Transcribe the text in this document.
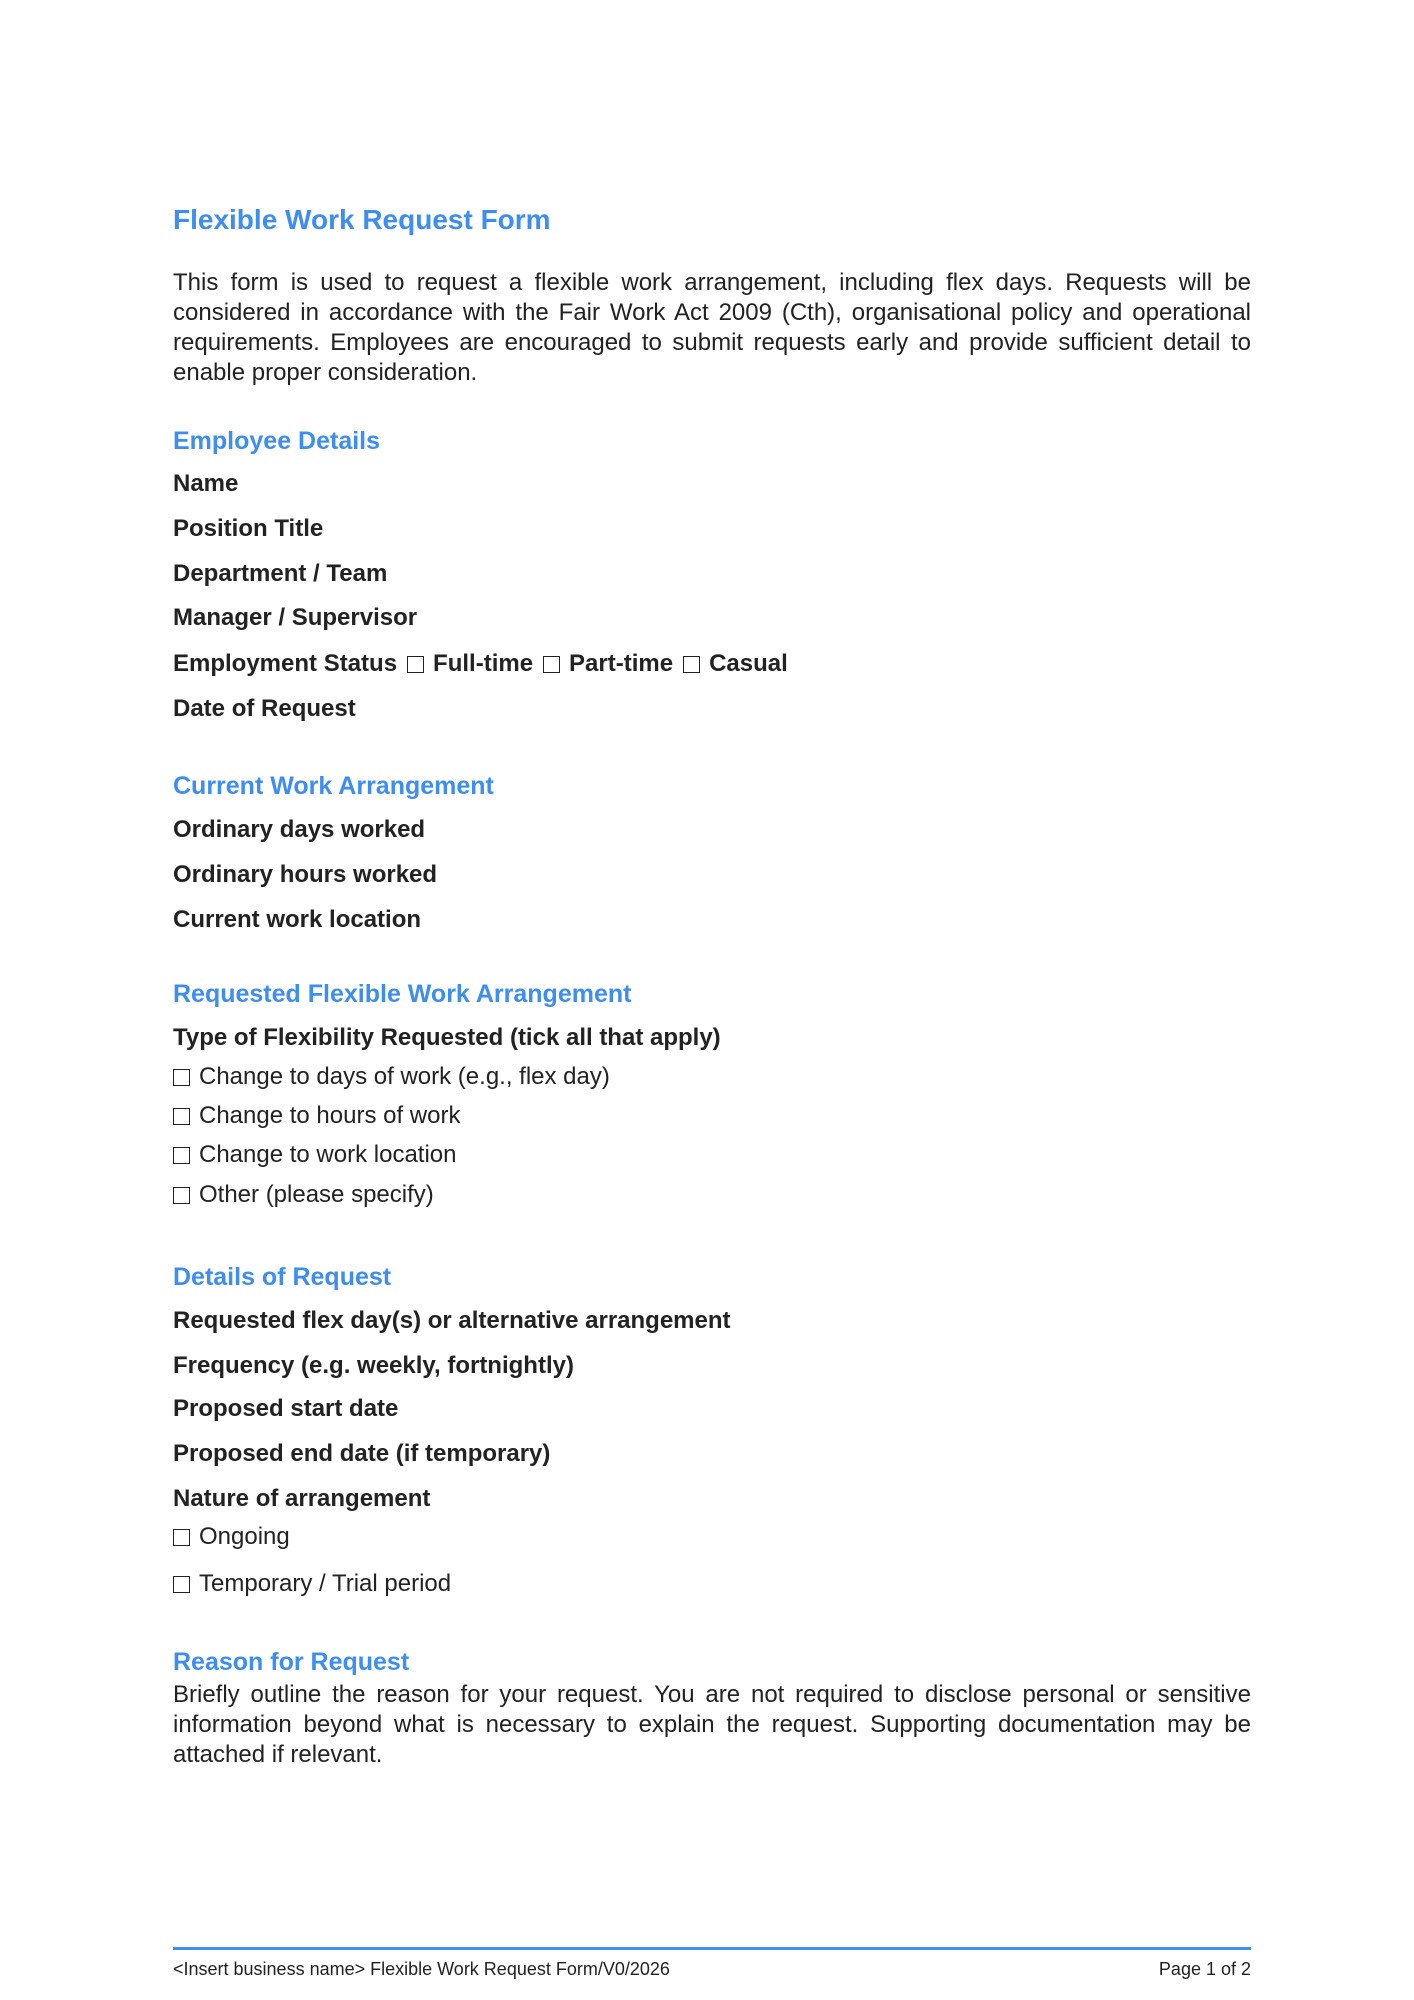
Flexible Work Request Form

This form is used to request a flexible work arrangement, including flex days. Requests will be considered in accordance with the Fair Work Act 2009 (Cth), organisational policy and operational requirements. Employees are encouraged to submit requests early and provide sufficient detail to enable proper consideration.

Employee Details
Name
Position Title
Department / Team
Manager / Supervisor
Employment Status Full-time Part-time Casual
Date of Request
Current Work Arrangement
Ordinary days worked
Ordinary hours worked
Current work location
Requested Flexible Work Arrangement
Type of Flexibility Requested (tick all that apply)
Change to days of work (e.g., flex day)
Change to hours of work
Change to work location
Other (please specify)
Details of Request
Requested flex day(s) or alternative arrangement
Frequency (e.g. weekly, fortnightly)
Proposed start date
Proposed end date (if temporary)
Nature of arrangement
Ongoing
Temporary / Trial period
Reason for Request

Briefly outline the reason for your request. You are not required to disclose personal or sensitive information beyond what is necessary to explain the request. Supporting documentation may be attached if relevant.

<Insert business name> Flexible Work Request Form/V0/2026	Page 1 of 2
